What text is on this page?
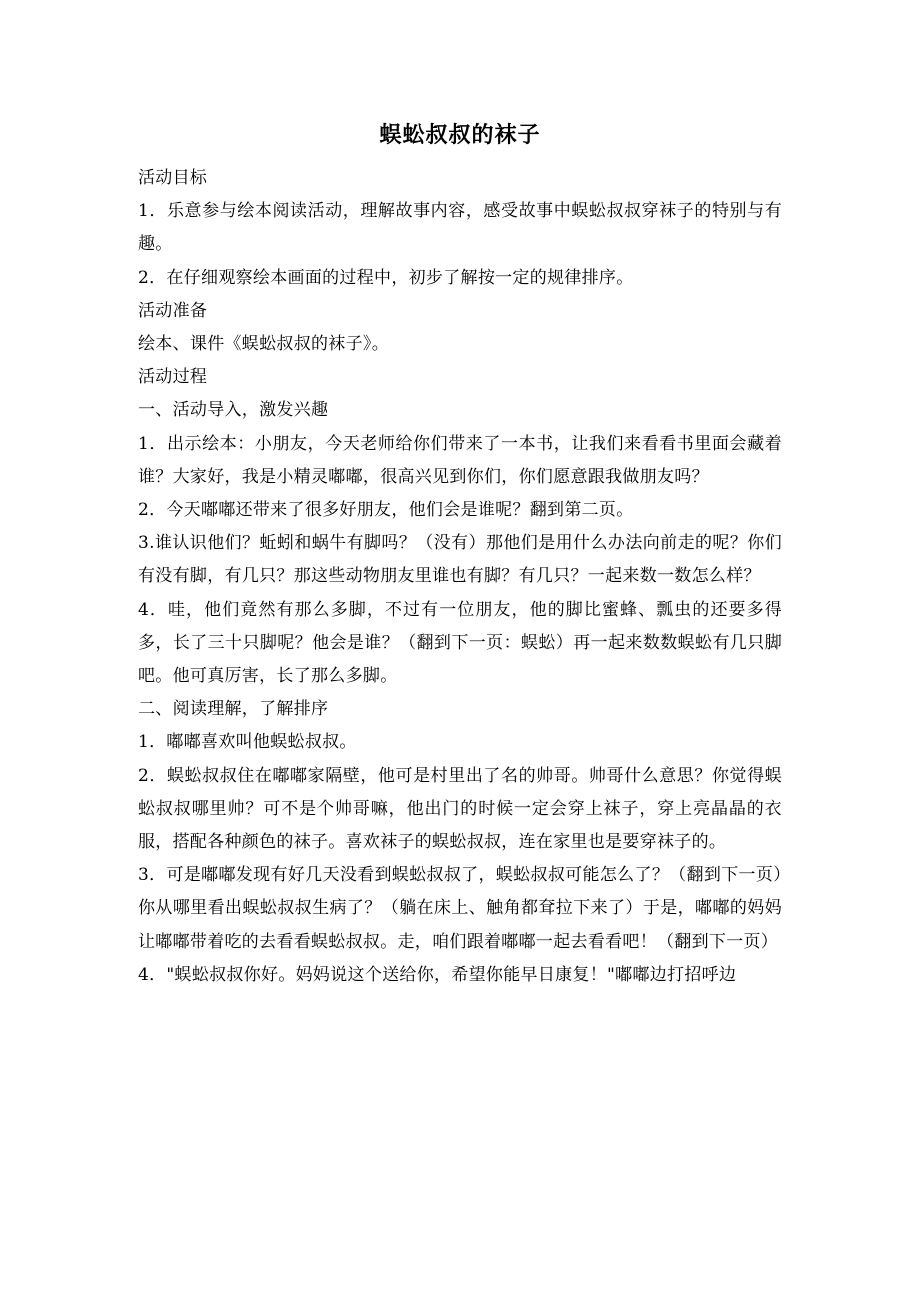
蜈蚣叔叔的袜子

活动目标

1．乐意参与绘本阅读活动，理解故事内容，感受故事中蜈蚣叔叔穿袜子的特别与有趣。

2．在仔细观察绘本画面的过程中，初步了解按一定的规律排序。

活动准备

绘本、课件《蜈蚣叔叔的袜子》。

活动过程

一、活动导入，激发兴趣

1．出示绘本：小朋友，今天老师给你们带来了一本书，让我们来看看书里面会藏着谁？大家好，我是小精灵嘟嘟，很高兴见到你们，你们愿意跟我做朋友吗？

2．今天嘟嘟还带来了很多好朋友，他们会是谁呢？翻到第二页。

3.谁认识他们？蚯蚓和蜗牛有脚吗？（没有）那他们是用什么办法向前走的呢？你们有没有脚，有几只？那这些动物朋友里谁也有脚？有几只？一起来数一数怎么样？

4．哇，他们竟然有那么多脚，不过有一位朋友，他的脚比蜜蜂、瓢虫的还要多得多，长了三十只脚呢？他会是谁？（翻到下一页：蜈蚣）再一起来数数蜈蚣有几只脚吧。他可真厉害，长了那么多脚。

二、阅读理解，了解排序

1．嘟嘟喜欢叫他蜈蚣叔叔。

2．蜈蚣叔叔住在嘟嘟家隔壁，他可是村里出了名的帅哥。帅哥什么意思？你觉得蜈蚣叔叔哪里帅？可不是个帅哥嘛，他出门的时候一定会穿上袜子，穿上亮晶晶的衣服，搭配各种颜色的袜子。喜欢袜子的蜈蚣叔叔，连在家里也是要穿袜子的。

3．可是嘟嘟发现有好几天没看到蜈蚣叔叔了，蜈蚣叔叔可能怎么了？（翻到下一页）你从哪里看出蜈蚣叔叔生病了？（躺在床上、触角都耷拉下来了）于是，嘟嘟的妈妈让嘟嘟带着吃的去看看蜈蚣叔叔。走，咱们跟着嘟嘟一起去看看吧！（翻到下一页）

4．"蜈蚣叔叔你好。妈妈说这个送给你，希望你能早日康复！"嘟嘟边打招呼边
